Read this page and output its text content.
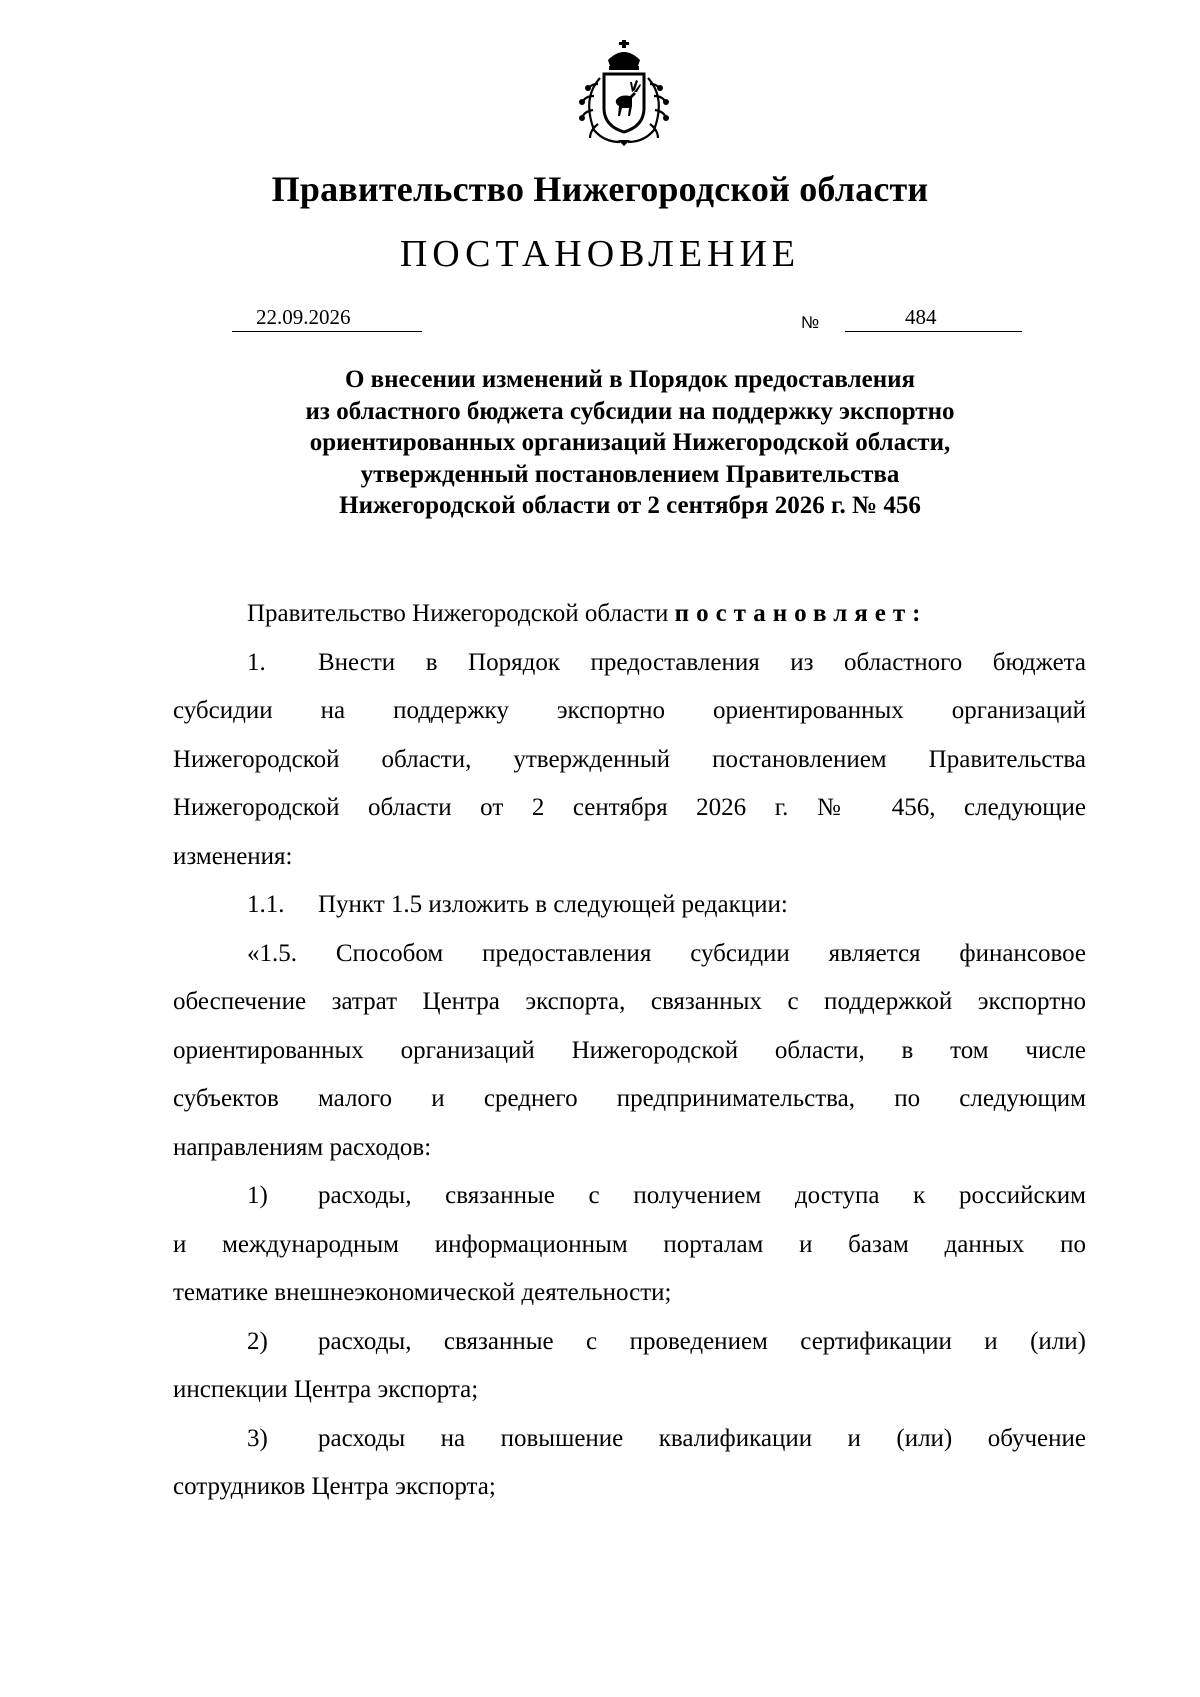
Правительство Нижегородской области
ПОСТАНОВЛЕНИЕ
22.09.2026	№	484
О внесении изменений в Порядок предоставления
из областного бюджета субсидии на поддержку экспортно
ориентированных организаций Нижегородской области,
утвержденный постановлением Правительства
Нижегородской области от 2 сентября 2026 г. № 456

Правительство Нижегородской области постановляет:

1. Внести в Порядок предоставления из областного бюджета
субсидии на поддержку экспортно ориентированных организаций
Нижегородской области, утвержденный постановлением Правительства
Нижегородской области от 2 сентября 2026 г. № 456, следующие
изменения:
1.1. Пункт 1.5 изложить в следующей редакции:
«1.5. Способом предоставления субсидии является финансовое
обеспечение затрат Центра экспорта, связанных с поддержкой экспортно
ориентированных организаций Нижегородской области, в том числе
субъектов малого и среднего предпринимательства, по следующим
направлениям расходов:
1) расходы, связанные с получением доступа к российским
и международным информационным порталам и базам данных по
тематике внешнеэкономической деятельности;
2) расходы, связанные с проведением сертификации и (или)
инспекции Центра экспорта;
3) расходы на повышение квалификации и (или) обучение
сотрудников Центра экспорта;
